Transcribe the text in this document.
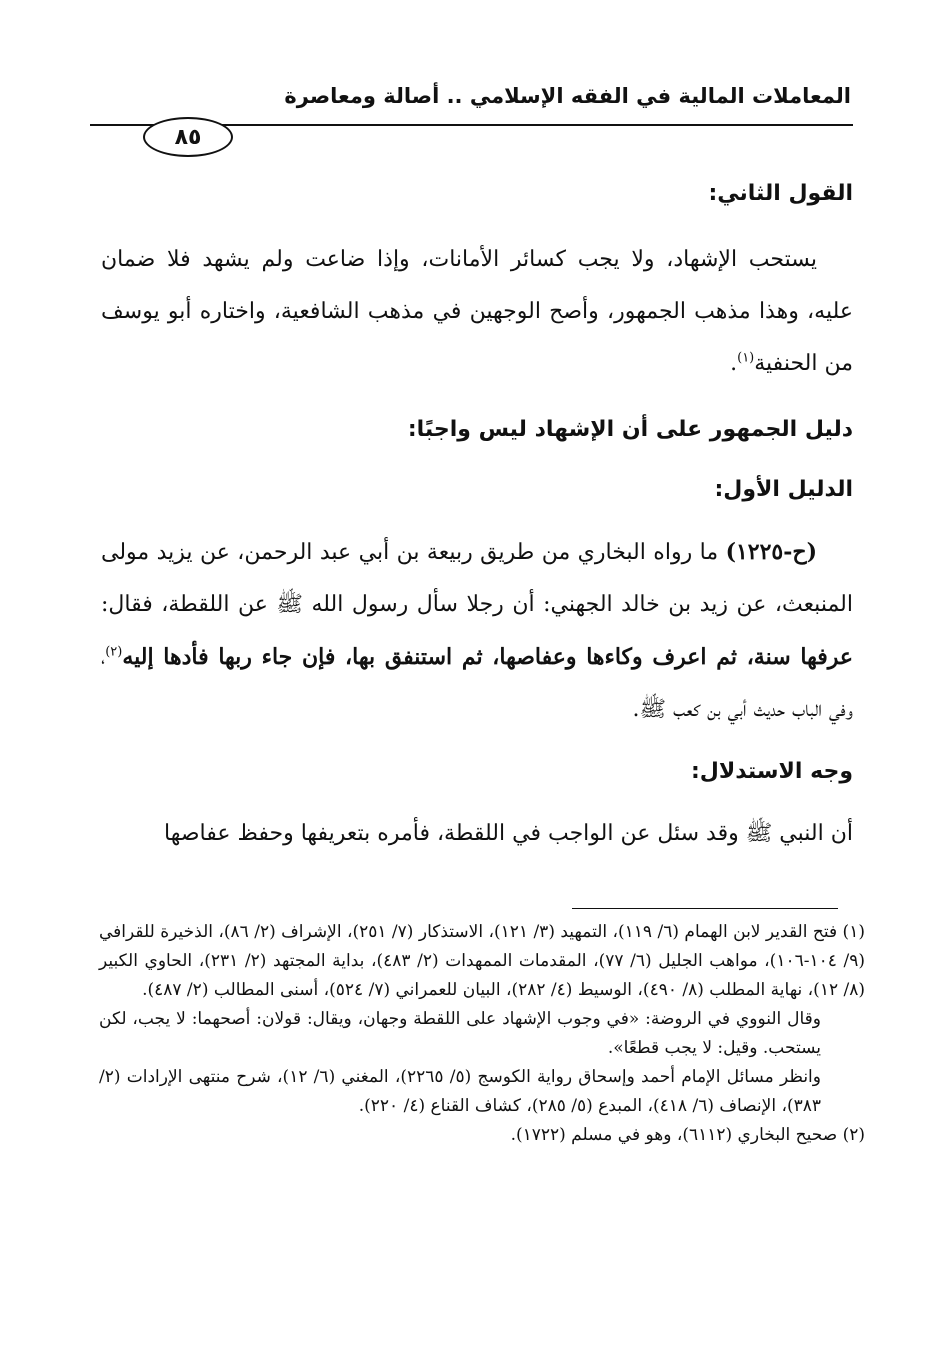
المعاملات المالية في الفقه الإسلامي .. أصالة ومعاصرة
٨٥

القول الثاني:

يستحب الإشهاد، ولا يجب كسائر الأمانات، وإذا ضاعت ولم يشهد فلا ضمان عليه، وهذا مذهب الجمهور، وأصح الوجهين في مذهب الشافعية، واختاره أبو يوسف من الحنفية$^{(١)}$.

دليل الجمهور على أن الإشهاد ليس واجبًا:

الدليل الأول:

(ح-١٢٢٥) ما رواه البخاري من طريق ربيعة بن أبي عبد الرحمن، عن يزيد مولى المنبعث، عن زيد بن خالد الجهني: أن رجلا سأل رسول الله ﷺ عن اللقطة، فقال: عرفها سنة، ثم اعرف وكاءها وعفاصها، ثم استنفق بها، فإن جاء ربها فأدها إليه$^{(٢)}$، وفي الباب حديث أبي بن كعب ﷺ.

وجه الاستدلال:

أن النبي ﷺ وقد سئل عن الواجب في اللقطة، فأمره بتعريفها وحفظ عفاصها

(١) فتح القدير لابن الهمام (٦/ ١١٩)، التمهيد (٣/ ١٢١)، الاستذكار (٧/ ٢٥١)، الإشراف (٢/ ٨٦)، الذخيرة للقرافي (٩/ ١٠٤-١٠٦)، مواهب الجليل (٦/ ٧٧)، المقدمات الممهدات (٢/ ٤٨٣)، بداية المجتهد (٢/ ٢٣١)، الحاوي الكبير (٨/ ١٢)، نهاية المطلب (٨/ ٤٩٠)، الوسيط (٤/ ٢٨٢)، البيان للعمراني (٧/ ٥٢٤)، أسنى المطالب (٢/ ٤٨٧).

وقال النووي في الروضة: «في وجوب الإشهاد على اللقطة وجهان، ويقال: قولان: أصحهما: لا يجب، لكن يستحب. وقيل: لا يجب قطعًا».

وانظر مسائل الإمام أحمد وإسحاق رواية الكوسج (٥/ ٢٢٦٥)، المغني (٦/ ١٢)، شرح منتهى الإرادات (٢/ ٣٨٣)، الإنصاف (٦/ ٤١٨)، المبدع (٥/ ٢٨٥)، كشاف القناع (٤/ ٢٢٠).

(٢) صحيح البخاري (٦١١٢)، وهو في مسلم (١٧٢٢).
